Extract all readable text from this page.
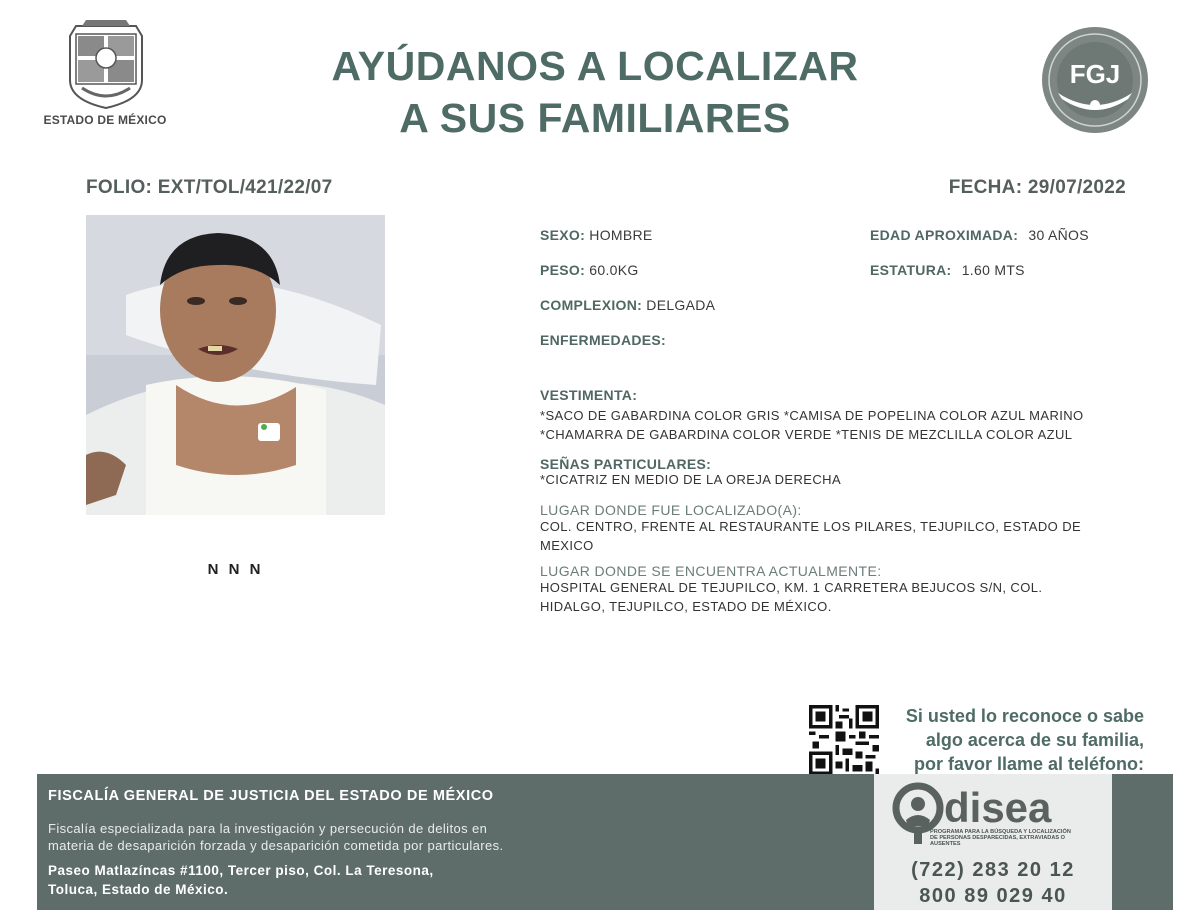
ESTADO DE MÉXICO
AYÚDANOS A LOCALIZAR
A SUS FAMILIARES
FGJ
FOLIO: EXT/TOL/421/22/07	FECHA: 29/07/2022
N N N
SEXO: HOMBRE	EDAD APROXIMADA: 30 AÑOS
PESO: 60.0KG	ESTATURA: 1.60 MTS
COMPLEXION: DELGADA
ENFERMEDADES:
VESTIMENTA:
*SACO DE GABARDINA COLOR GRIS *CAMISA DE POPELINA COLOR AZUL MARINO
*CHAMARRA DE GABARDINA COLOR VERDE *TENIS DE MEZCLILLA COLOR AZUL
SEÑAS PARTICULARES:
*CICATRIZ EN MEDIO DE LA OREJA DERECHA
LUGAR DONDE FUE LOCALIZADO(A):
COL. CENTRO, FRENTE AL RESTAURANTE LOS PILARES, TEJUPILCO, ESTADO DE
MEXICO
LUGAR DONDE SE ENCUENTRA ACTUALMENTE:
HOSPITAL GENERAL DE TEJUPILCO, KM. 1 CARRETERA BEJUCOS S/N, COL.
HIDALGO, TEJUPILCO, ESTADO DE MÉXICO.
Si usted lo reconoce o sabe
algo acerca de su familia,
por favor llame al teléfono:
FISCALÍA GENERAL DE JUSTICIA DEL ESTADO DE MÉXICO
Fiscalía especializada para la investigación y persecución de delitos en
materia de desaparición forzada y desaparición cometida por particulares.
Paseo Matlazíncas #1100, Tercer piso, Col. La Teresona,
Toluca, Estado de México.
disea
PROGRAMA PARA LA BÚSQUEDA Y LOCALIZACIÓN
DE PERSONAS DESPARECIDAS, EXTRAVIADAS O
AUSENTES
(722) 283 20 12
800 89 029 40
